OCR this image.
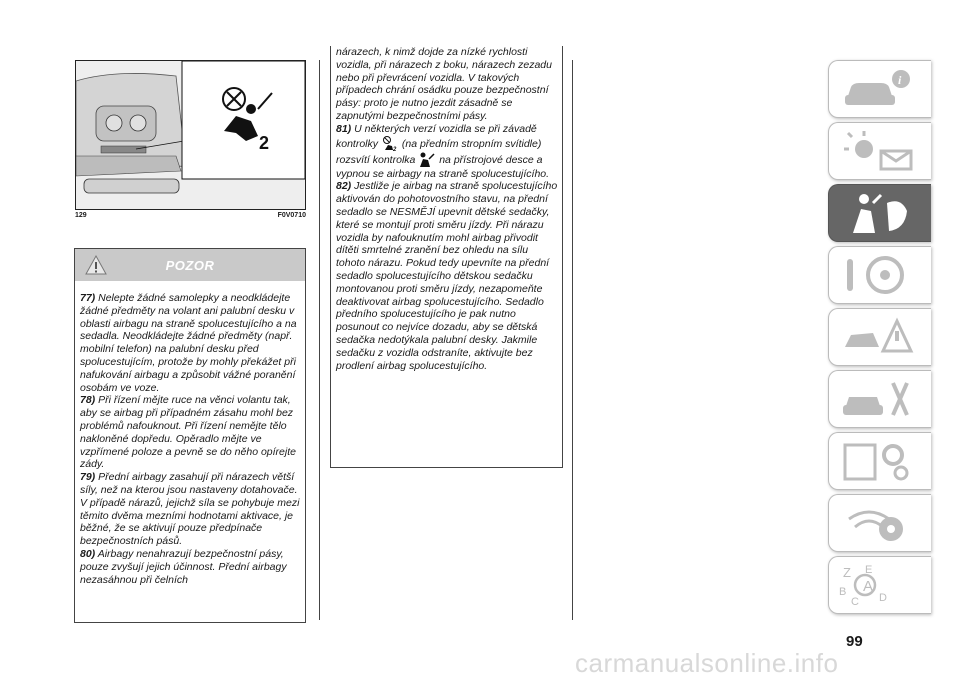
2
129	F0V0710
POZOR

77) Nelepte žádné samolepky a neodkládejte žádné předměty na volant ani palubní desku v oblasti airbagu na straně spolucestujícího a na sedadla. Neodkládejte žádné předměty (např. mobilní telefon) na palubní desku před spolucestujícím, protože by mohly překážet při nafukování airbagu a způsobit vážné poranění osobám ve voze.

78) Při řízení mějte ruce na věnci volantu tak, aby se airbag při případném zásahu mohl bez problémů nafouknout. Při řízení nemějte tělo nakloněné dopředu. Opěradlo mějte ve vzpřímené poloze a pevně se do něho opírejte zády.

79) Přední airbagy zasahují při nárazech větší síly, než na kterou jsou nastaveny dotahovače. V případě nárazů, jejichž síla se pohybuje mezi těmito dvěma mezními hodnotami aktivace, je běžné, že se aktivují pouze předpínače bezpečnostních pásů.

80) Airbagy nenahrazují bezpečnostní pásy, pouze zvyšují jejich účinnost. Přední airbagy nezasáhnou při čelních

nárazech, k nimž dojde za nízké rychlosti vozidla, při nárazech z boku, nárazech zezadu nebo při převrácení vozidla. V takových případech chrání osádku pouze bezpečnostní pásy: proto je nutno jezdit zásadně se zapnutými bezpečnostními pásy.

81) U některých verzí vozidla se při závadě kontrolky
2
(na předním stropním svítidle) rozsvítí kontrolka na přístrojové desce a vypnou se airbagy na straně spolucestujícího.

82) Jestliže je airbag na straně spolucestujícího aktivován do pohotovostního stavu, na přední sedadlo se NESMĚJÍ upevnit dětské sedačky, které se montují proti směru jízdy. Při nárazu vozidla by nafouknutím mohl airbag přivodit dítěti smrtelné zranění bez ohledu na sílu tohoto nárazu. Pokud tedy upevníte na přední sedadlo spolucestujícího dětskou sedačku montovanou proti směru jízdy, nezapomeňte deaktivovat airbag spolucestujícího. Sedadlo předního spolucestujícího je pak nutno posunout co nejvíce dozadu, aby se dětská sedačka nedotýkala palubní desky. Jakmile sedačku z vozidla odstraníte, aktivujte bez prodlení airbag spolucestujícího.

i
Z E
B A
C D
99
carmanualsonline.info
